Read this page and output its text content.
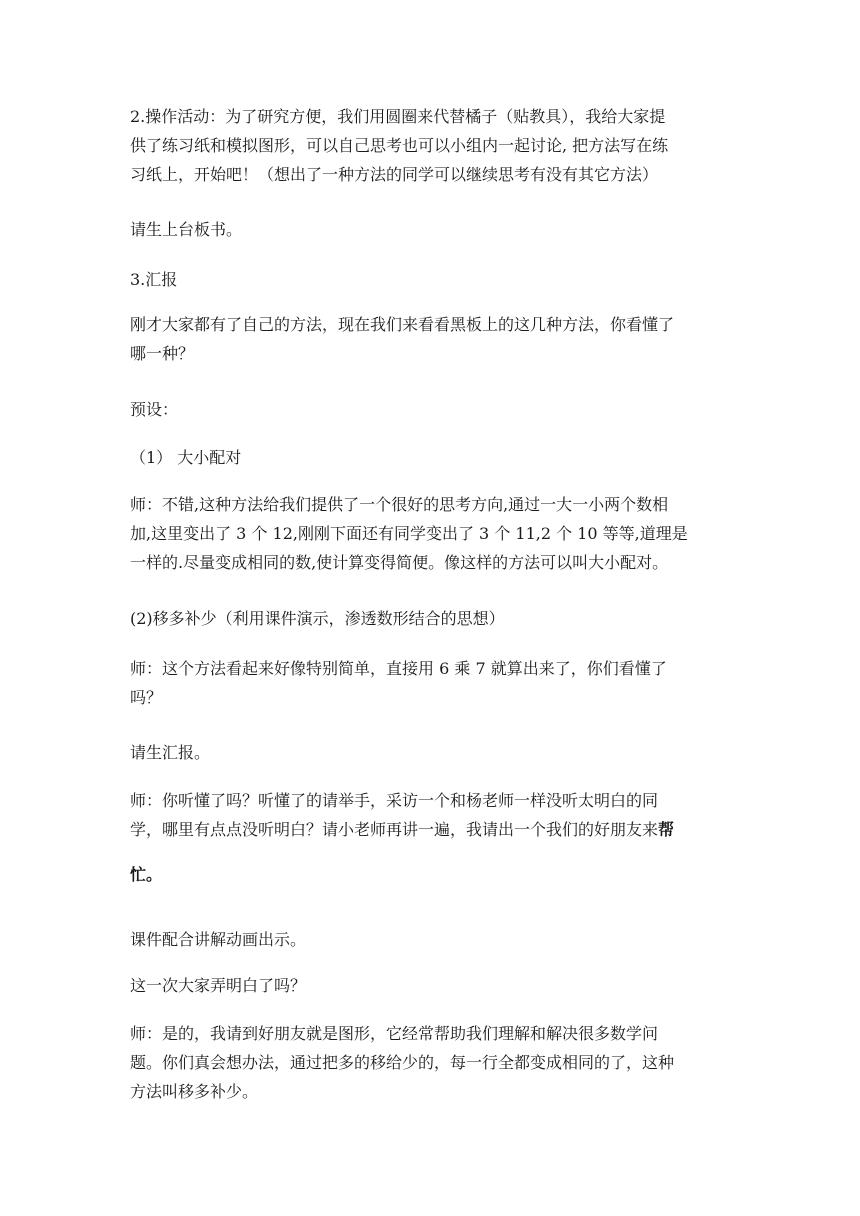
2.操作活动：为了研究方便，我们用圆圈来代替橘子（贴教具），我给大家提
供了练习纸和模拟图形，可以自己思考也可以小组内一起讨论, 把方法写在练
习纸上，开始吧！（想出了一种方法的同学可以继续思考有没有其它方法）
请生上台板书。
3.汇报
刚才大家都有了自己的方法，现在我们来看看黑板上的这几种方法，你看懂了
哪一种？
预设：
（1） 大小配对
师：不错,这种方法给我们提供了一个很好的思考方向,通过一大一小两个数相
加,这里变出了 3 个 12,刚刚下面还有同学变出了 3 个 11,2 个 10 等等,道理是
一样的.尽量变成相同的数,使计算变得简便。像这样的方法可以叫大小配对。
(2)移多补少（利用课件演示，渗透数形结合的思想）
师：这个方法看起来好像特别简单，直接用 6 乘 7 就算出来了，你们看懂了
吗？
请生汇报。
师：你听懂了吗？听懂了的请举手，采访一个和杨老师一样没听太明白的同
学，哪里有点点没听明白？请小老师再讲一遍，我请出一个我们的好朋友来帮
忙。
课件配合讲解动画出示。
这一次大家弄明白了吗？
师：是的，我请到好朋友就是图形，它经常帮助我们理解和解决很多数学问
题。你们真会想办法，通过把多的移给少的，每一行全都变成相同的了，这种
方法叫移多补少。
